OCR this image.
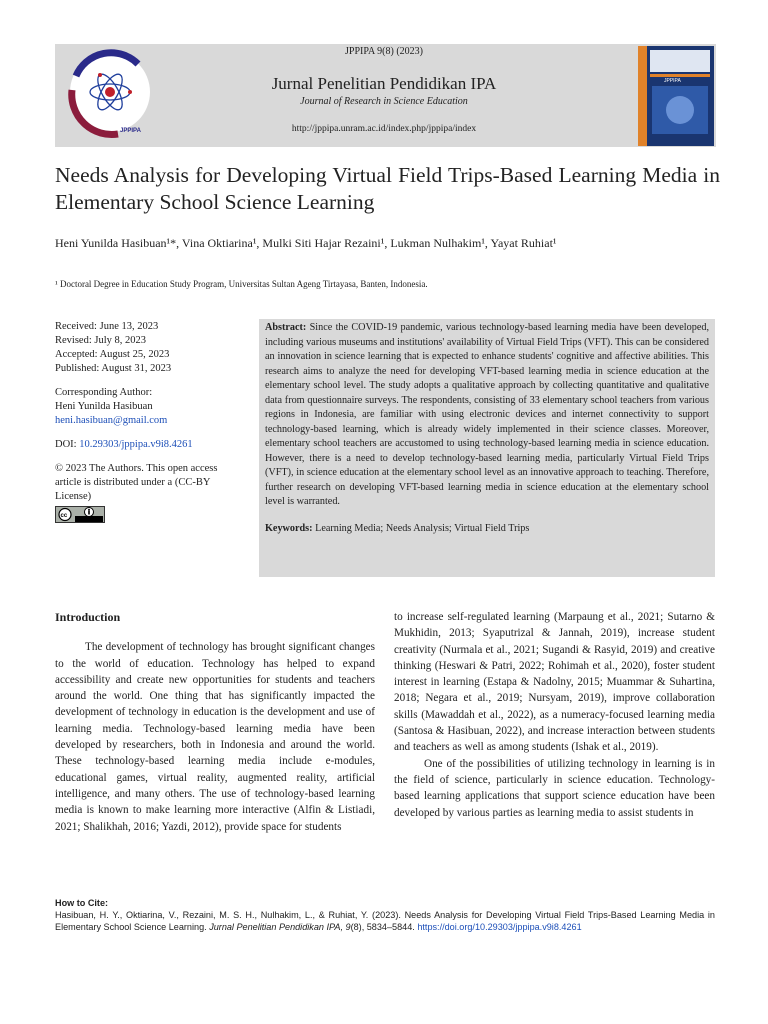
JPPIPA
JPPIPA 9(8) (2023)
Jurnal Penelitian Pendidikan IPA
Journal of Research in Science Education
http://jppipa.unram.ac.id/index.php/jppipa/index
JPPIPA
Needs Analysis for Developing Virtual Field Trips-Based Learning Media in Elementary School Science Learning
Heni Yunilda Hasibuan¹*, Vina Oktiarina¹, Mulki Siti Hajar Rezaini¹, Lukman Nulhakim¹, Yayat Ruhiat¹
¹ Doctoral Degree in Education Study Program, Universitas Sultan Ageng Tirtayasa, Banten, Indonesia.
Received: June 13, 2023
Revised: July 8, 2023
Accepted: August 25, 2023
Published: August 31, 2023
Corresponding Author:
Heni Yunilda Hasibuan
heni.hasibuan@gmail.com
DOI: 10.29303/jppipa.v9i8.4261
© 2023 The Authors. This open access article is distributed under a (CC-BY License)
cc
Abstract: Since the COVID-19 pandemic, various technology-based learning media have been developed, including various museums and institutions' availability of Virtual Field Trips (VFT). This can be considered an innovation in science learning that is expected to enhance students' cognitive and affective abilities. This research aims to analyze the need for developing VFT-based learning media in science education at the elementary school level. The study adopts a qualitative approach by collecting quantitative and qualitative data from questionnaire surveys. The respondents, consisting of 33 elementary school teachers from various regions in Indonesia, are familiar with using electronic devices and internet connectivity to support technology-based learning, which is already widely implemented in their science classes. Moreover, elementary school teachers are accustomed to using technology-based learning media in science education. However, there is a need to develop technology-based learning media, particularly Virtual Field Trips (VFT), in science education at the elementary school level as an innovative approach to teaching. Therefore, further research on developing VFT-based learning media in science education at the elementary school level is warranted.
Keywords: Learning Media; Needs Analysis; Virtual Field Trips
Introduction

The development of technology has brought significant changes to the world of education. Technology has helped to expand accessibility and create new opportunities for students and teachers around the world. One thing that has significantly impacted the development of technology in education is the development and use of learning media. Technology-based learning media have been developed by researchers, both in Indonesia and around the world. These technology-based learning media include e-modules, educational games, virtual reality, augmented reality, artificial intelligence, and many others. The use of technology-based learning media is known to make learning more interactive (Alfin & Listiadi, 2021; Shalikhah, 2016; Yazdi, 2012), provide space for students

to increase self-regulated learning (Marpaung et al., 2021; Sutarno & Mukhidin, 2013; Syaputrizal & Jannah, 2019), increase student creativity (Nurmala et al., 2021; Sugandi & Rasyid, 2019) and creative thinking (Heswari & Patri, 2022; Rohimah et al., 2020), foster student interest in learning (Estapa & Nadolny, 2015; Muammar & Suhartina, 2018; Negara et al., 2019; Nursyam, 2019), improve collaboration skills (Mawaddah et al., 2022), as a numeracy-focused learning media (Santosa & Hasibuan, 2022), and increase interaction between students and teachers as well as among students (Ishak et al., 2019).

One of the possibilities of utilizing technology in learning is in the field of science, particularly in science education. Technology-based learning applications that support science education have been developed by various parties as learning media to assist students in

How to Cite:
Hasibuan, H. Y., Oktiarina, V., Rezaini, M. S. H., Nulhakim, L., & Ruhiat, Y. (2023). Needs Analysis for Developing Virtual Field Trips-Based Learning Media in Elementary School Science Learning. Jurnal Penelitian Pendidikan IPA, 9(8), 5834–5844. https://doi.org/10.29303/jppipa.v9i8.4261
